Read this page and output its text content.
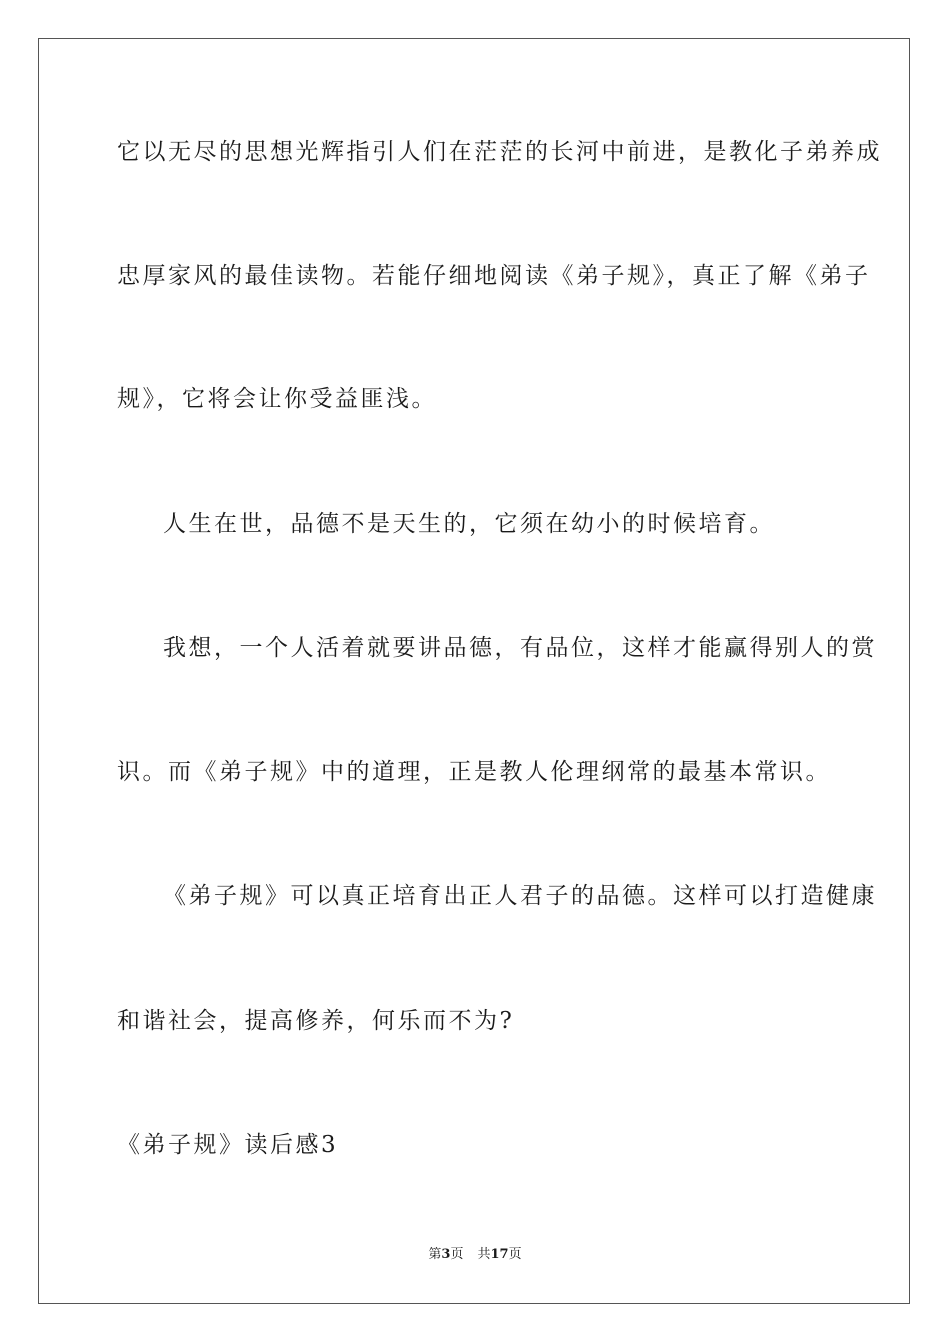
它以无尽的思想光辉指引人们在茫茫的长河中前进，是教化子弟养成
忠厚家风的最佳读物。若能仔细地阅读《弟子规》，真正了解《弟子
规》，它将会让你受益匪浅。
人生在世，品德不是天生的，它须在幼小的时候培育。
我想，一个人活着就要讲品德，有品位，这样才能赢得别人的赏
识。而《弟子规》中的道理，正是教人伦理纲常的最基本常识。
《弟子规》可以真正培育出正人君子的品德。这样可以打造健康
和谐社会，提高修养，何乐而不为?
《弟子规》读后感3
第3页 共17页
